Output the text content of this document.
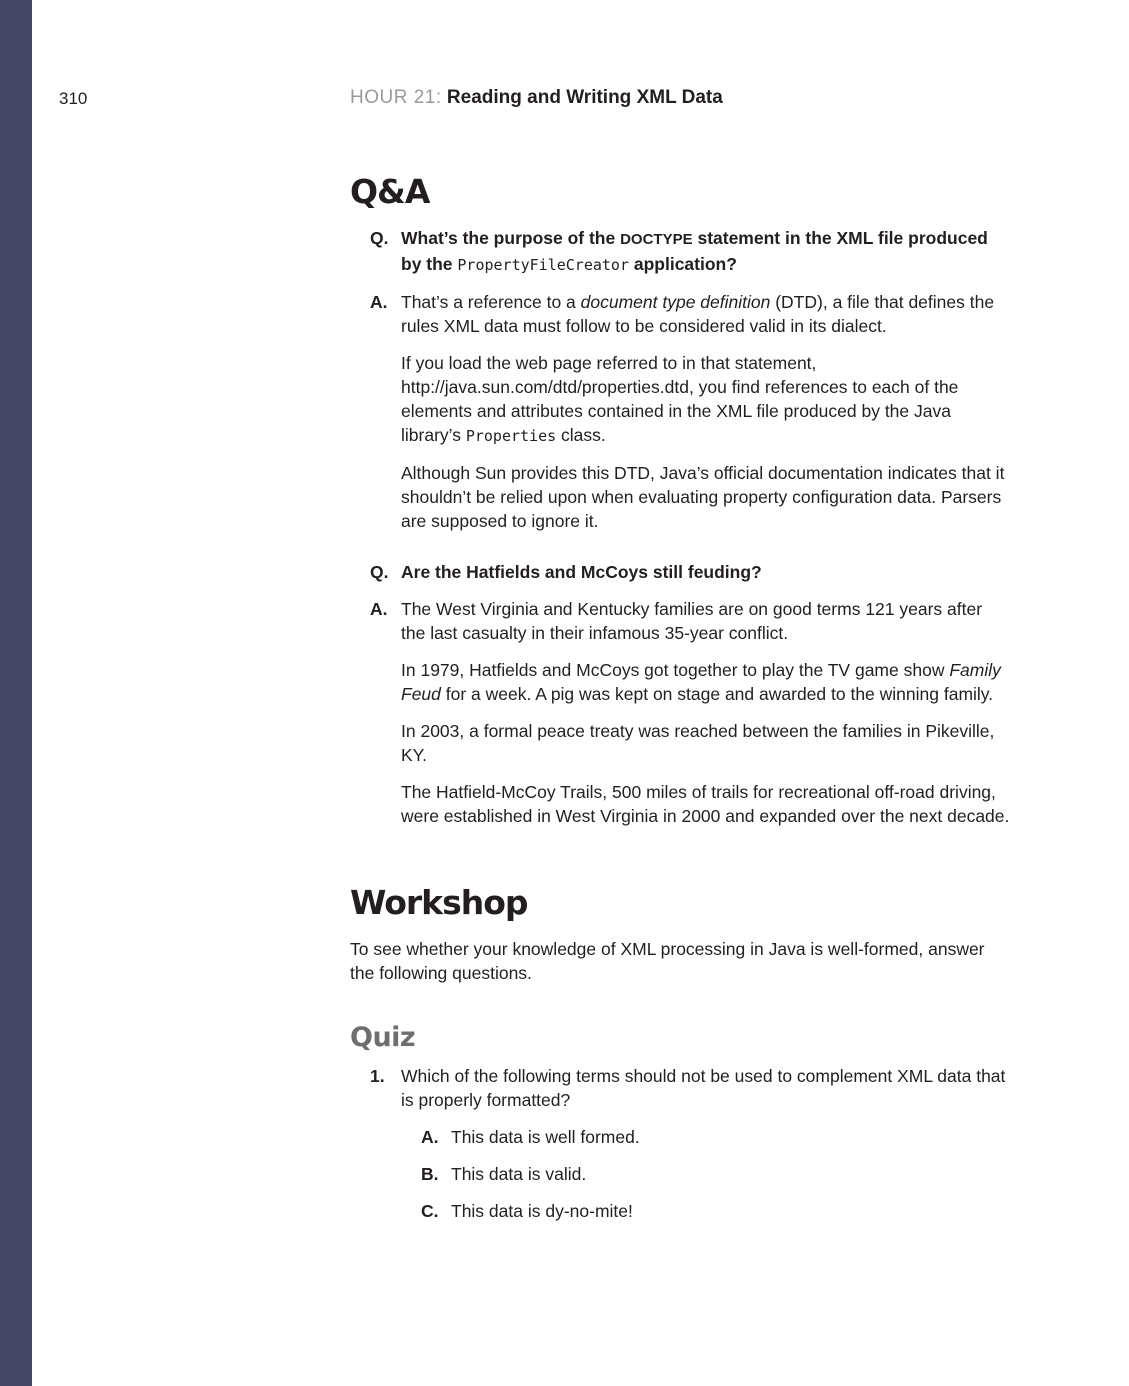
310	HOUR 21: Reading and Writing XML Data
Q&A
Q. What’s the purpose of the DOCTYPE statement in the XML file produced by the PropertyFileCreator application?
A. That’s a reference to a document type definition (DTD), a file that defines the rules XML data must follow to be considered valid in its dialect.

If you load the web page referred to in that statement, http://java.sun.com/dtd/properties.dtd, you find references to each of the elements and attributes contained in the XML file produced by the Java library’s Properties class.

Although Sun provides this DTD, Java’s official documentation indicates that it shouldn’t be relied upon when evaluating property configuration data. Parsers are supposed to ignore it.

Q. Are the Hatfields and McCoys still feuding?
A. The West Virginia and Kentucky families are on good terms 121 years after the last casualty in their infamous 35-year conflict.

In 1979, Hatfields and McCoys got together to play the TV game show Family Feud for a week. A pig was kept on stage and awarded to the winning family.

In 2003, a formal peace treaty was reached between the families in Pikeville, KY.

The Hatfield-McCoy Trails, 500 miles of trails for recreational off-road driving, were established in West Virginia in 2000 and expanded over the next decade.

Workshop

To see whether your knowledge of XML processing in Java is well-formed, answer the following questions.

Quiz
1. Which of the following terms should not be used to complement XML data that is properly formatted?
A. This data is well formed.
B. This data is valid.
C. This data is dy-no-mite!
